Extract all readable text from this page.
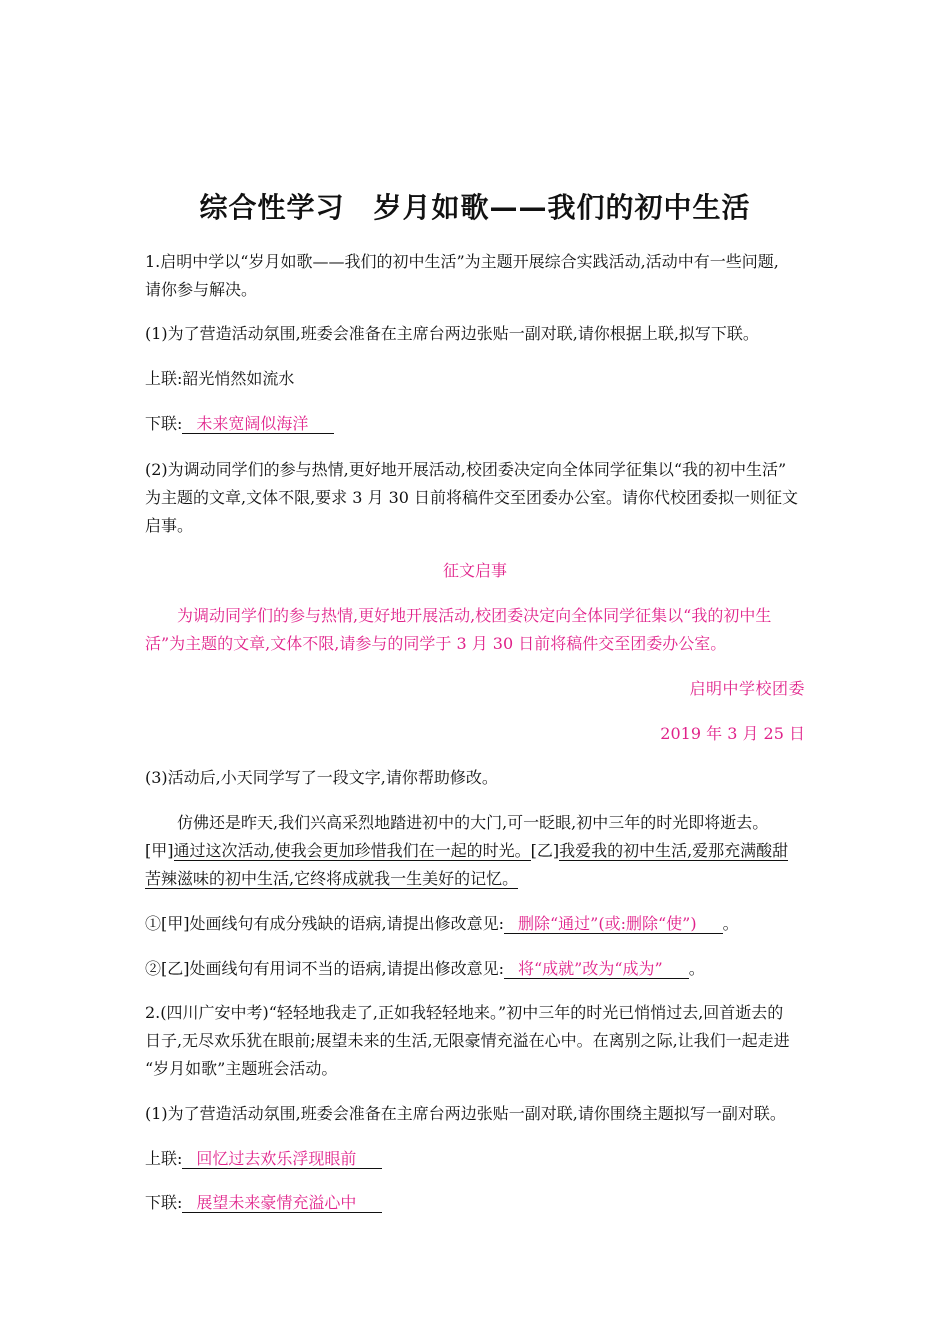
综合性学习　岁月如歌——我们的初中生活
1.启明中学以“岁月如歌——我们的初中生活”为主题开展综合实践活动,活动中有一些问题,
请你参与解决。
(1)为了营造活动氛围,班委会准备在主席台两边张贴一副对联,请你根据上联,拟写下联。
上联:韶光悄然如流水
下联: 未来宽阔似海洋
(2)为调动同学们的参与热情,更好地开展活动,校团委决定向全体同学征集以“我的初中生活”
为主题的文章,文体不限,要求 3 月 30 日前将稿件交至团委办公室。请你代校团委拟一则征文
启事。
征文启事
为调动同学们的参与热情,更好地开展活动,校团委决定向全体同学征集以“我的初中生
活”为主题的文章,文体不限,请参与的同学于 3 月 30 日前将稿件交至团委办公室。
启明中学校团委
2019 年 3 月 25 日
(3)活动后,小天同学写了一段文字,请你帮助修改。
仿佛还是昨天,我们兴高采烈地踏进初中的大门,可一眨眼,初中三年的时光即将逝去。
[甲]通过这次活动,使我会更加珍惜我们在一起的时光。[乙]我爱我的初中生活,爱那充满酸甜
苦辣滋味的初中生活,它终将成就我一生美好的记忆。
①[甲]处画线句有成分残缺的语病,请提出修改意见: 删除“通过”(或:删除“使”) 。
②[乙]处画线句有用词不当的语病,请提出修改意见: 将“成就”改为“成为” 。
2.(四川广安中考)“轻轻地我走了,正如我轻轻地来。”初中三年的时光已悄悄过去,回首逝去的
日子,无尽欢乐犹在眼前;展望未来的生活,无限豪情充溢在心中。在离别之际,让我们一起走进
“岁月如歌”主题班会活动。
(1)为了营造活动氛围,班委会准备在主席台两边张贴一副对联,请你围绕主题拟写一副对联。
上联: 回忆过去欢乐浮现眼前
下联: 展望未来豪情充溢心中
